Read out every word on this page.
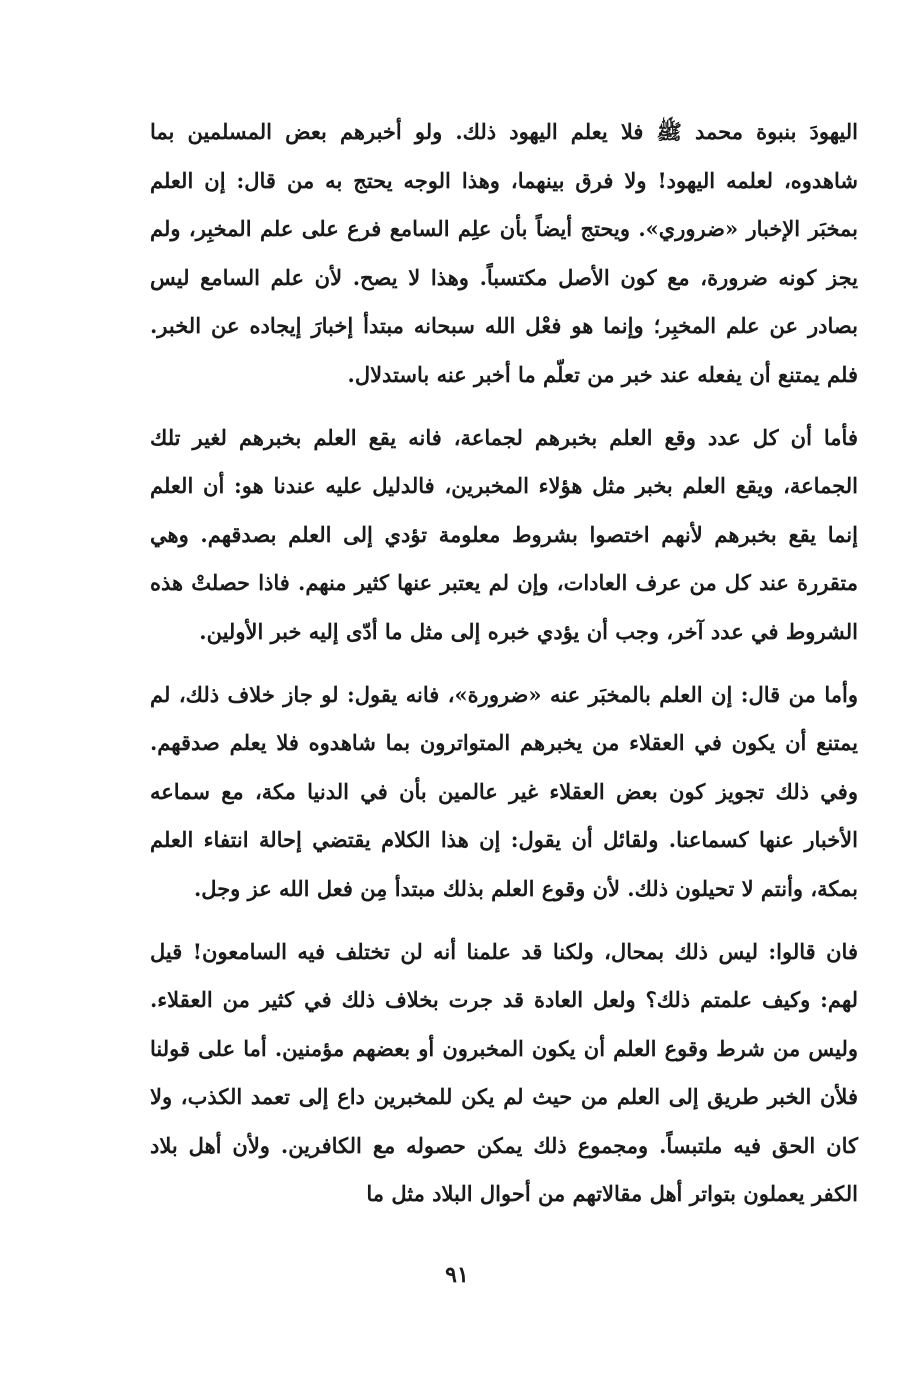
اليهودَ بنبوة محمد ﷺ فلا يعلم اليهود ذلك. ولو أخبرهم بعض المسلمين بما شاهدوه، لعلمه اليهود! ولا فرق بينهما، وهذا الوجه يحتج به من قال: إن العلم بمخبَر الإخبار «ضروري». ويحتج أيضاً بأن علِم السامع فرع على علم المخبِر، ولم يجز كونه ضرورة، مع كون الأصل مكتسباً. وهذا لا يصح. لأن علم السامع ليس بصادر عن علم المخبِر؛ وإنما هو فعْل الله سبحانه مبتدأ إخبارَ إيجاده عن الخبر. فلم يمتنع أن يفعله عند خبر من تعلّم ما أخبر عنه باستدلال.

فأما أن كل عدد وقع العلم بخبرهم لجماعة، فانه يقع العلم بخبرهم لغير تلك الجماعة، ويقع العلم بخبر مثل هؤلاء المخبرين، فالدليل عليه عندنا هو: أن العلم إنما يقع بخبرهم لأنهم اختصوا بشروط معلومة تؤدي إلى العلم بصدقهم. وهي متقررة عند كل من عرف العادات، وإن لم يعتبر عنها كثير منهم. فاذا حصلتْ هذه الشروط في عدد آخر، وجب أن يؤدي خبره إلى مثل ما أدّى إليه خبر الأولين.

وأما من قال: إن العلم بالمخبَر عنه «ضرورة»، فانه يقول: لو جاز خلاف ذلك، لم يمتنع أن يكون في العقلاء من يخبرهم المتواترون بما شاهدوه فلا يعلم صدقهم. وفي ذلك تجويز كون بعض العقلاء غير عالمين بأن في الدنيا مكة، مع سماعه الأخبار عنها كسماعنا. ولقائل أن يقول: إن هذا الكلام يقتضي إحالة انتفاء العلم بمكة، وأنتم لا تحيلون ذلك. لأن وقوع العلم بذلك مبتدأ مِن فعل الله عز وجل.

فان قالوا: ليس ذلك بمحال، ولكنا قد علمنا أنه لن تختلف فيه السامعون! قيل لهم: وكيف علمتم ذلك؟ ولعل العادة قد جرت بخلاف ذلك في كثير من العقلاء. وليس من شرط وقوع العلم أن يكون المخبرون أو بعضهم مؤمنين. أما على قولنا فلأن الخبر طريق إلى العلم من حيث لم يكن للمخبرين داع إلى تعمد الكذب، ولا كان الحق فيه ملتبساً. ومجموع ذلك يمكن حصوله مع الكافرين. ولأن أهل بلاد الكفر يعملون بتواتر أهل مقالاتهم من أحوال البلاد مثل ما

٩١
